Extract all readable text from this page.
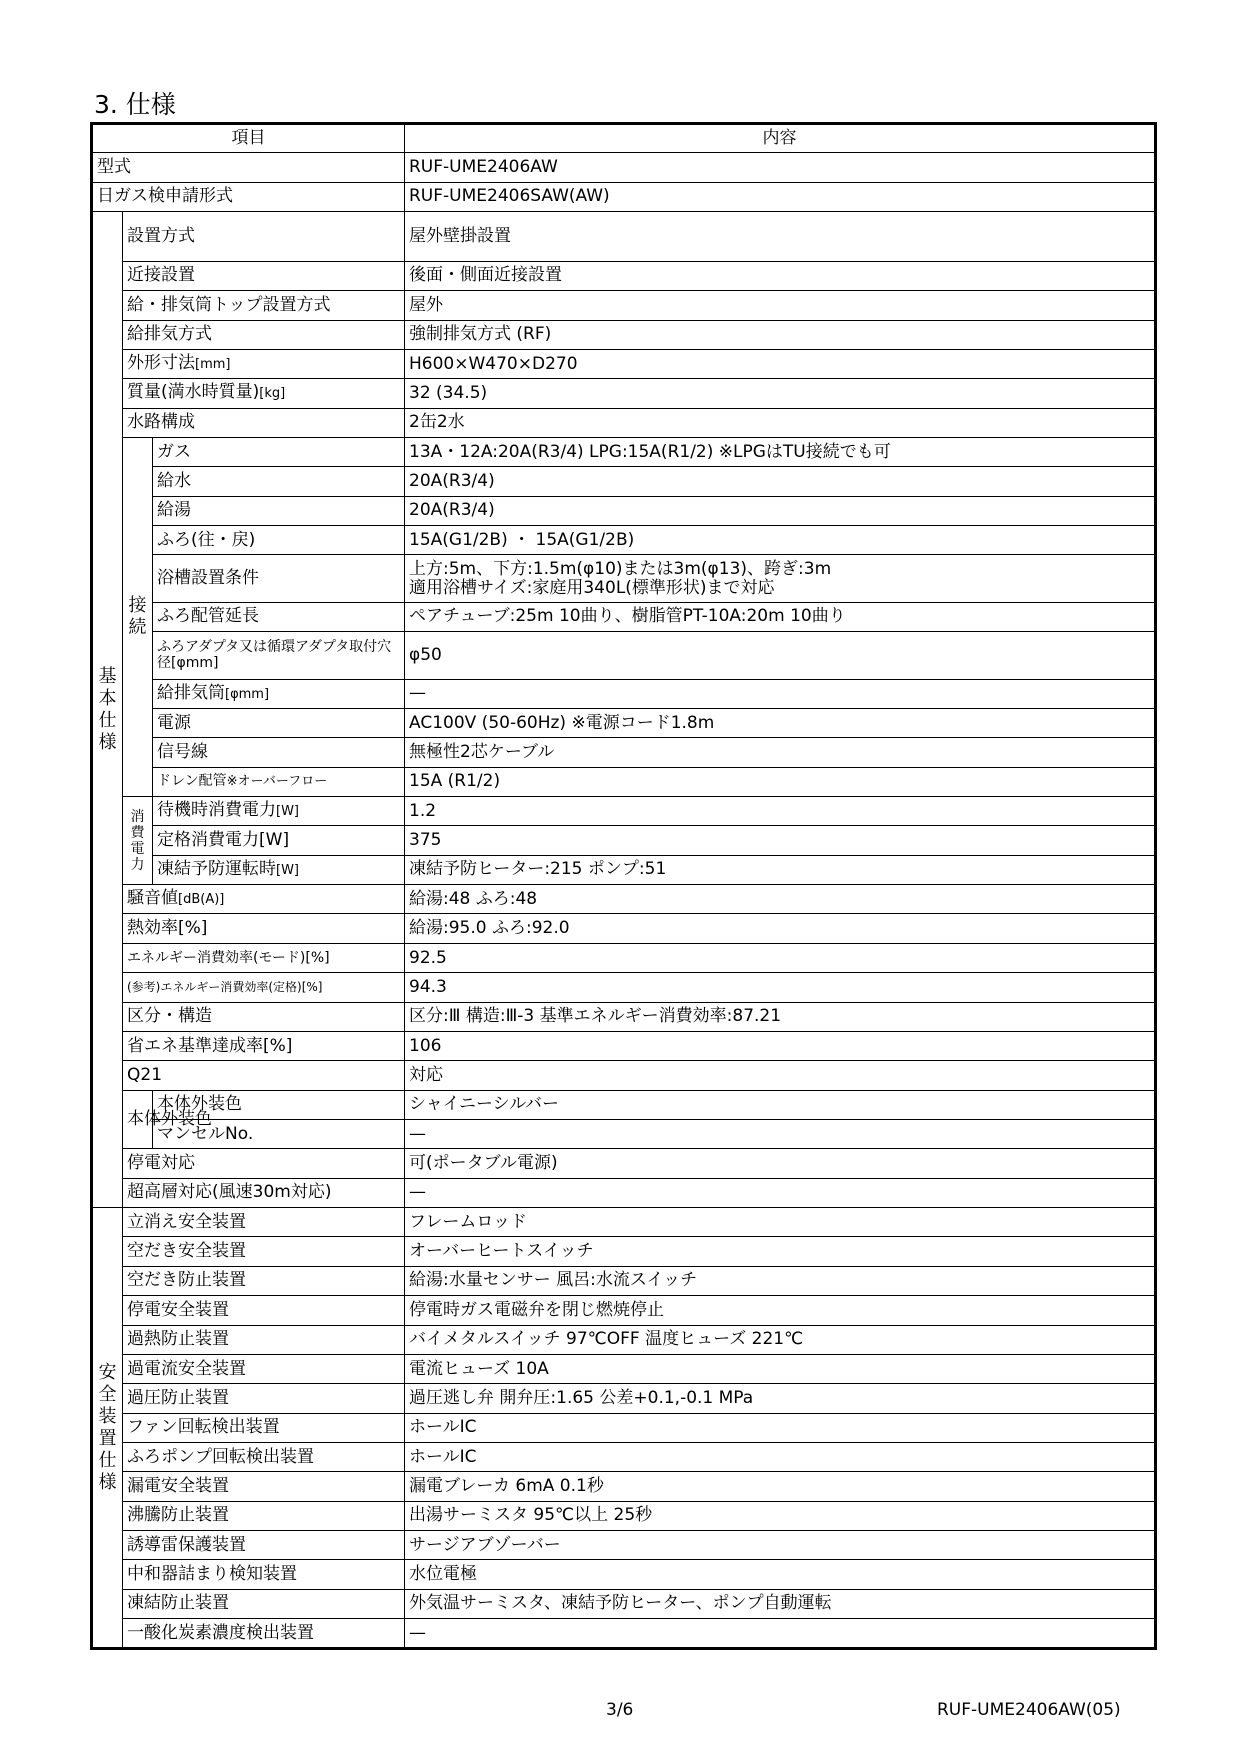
3. 仕様
項目			内容
型式			RUF-UME2406AW
日ガス検申請形式			RUF-UME2406SAW(AW)
基本仕様	設置方式		屋外壁掛設置
	近接設置		後面・側面近接設置
	給・排気筒トップ設置方式		屋外
	給排気方式		強制排気方式 (RF)
	外形寸法[mm]		H600×W470×D270
	質量(満水時質量)[kg]		32 (34.5)
	水路構成		2缶2水
	接続	ガス	13A・12A:20A(R3/4) LPG:15A(R1/2) ※LPGはTU接続でも可
		給水	20A(R3/4)
		給湯	20A(R3/4)
		ふろ(往・戻)	15A(G1/2B) ・ 15A(G1/2B)
		浴槽設置条件	上方:5m、下方:1.5m(φ10)または3m(φ13)、跨ぎ:3m
適用浴槽サイズ:家庭用340L(標準形状)まで対応
		ふろ配管延長	ペアチューブ:25m 10曲り、樹脂管PT-10A:20m 10曲り
		ふろアダプタ又は循環アダプタ取付穴径[φmm]	φ50
		給排気筒[φmm]	—
		電源	AC100V (50-60Hz) ※電源コード1.8m
		信号線	無極性2芯ケーブル
		ドレン配管※オーバーフロー	15A (R1/2)
	消費電力	待機時消費電力[W]	1.2
		定格消費電力[W]	375
		凍結予防運転時[W]	凍結予防ヒーター:215 ポンプ:51
	騒音値[dB(A)]		給湯:48 ふろ:48
	熱効率[%]		給湯:95.0 ふろ:92.0
	エネルギー消費効率(モード)[%]		92.5
	(参考)エネルギー消費効率(定格)[%]		94.3
	区分・構造		区分:Ⅲ 構造:Ⅲ-3 基準エネルギー消費効率:87.21
	省エネ基準達成率[%]		106
	Q21		対応
	本体外装色	本体外装色	シャイニーシルバー
		マンセルNo.	—
	停電対応		可(ポータブル電源)
	超高層対応(風速30m対応)		—
安全装置仕様	立消え安全装置		フレームロッド
	空だき安全装置		オーバーヒートスイッチ
	空だき防止装置		給湯:水量センサー 風呂:水流スイッチ
	停電安全装置		停電時ガス電磁弁を閉じ燃焼停止
	過熱防止装置		バイメタルスイッチ 97℃OFF 温度ヒューズ 221℃
	過電流安全装置		電流ヒューズ 10A
	過圧防止装置		過圧逃し弁 開弁圧:1.65 公差+0.1,-0.1 MPa
	ファン回転検出装置		ホールIC
	ふろポンプ回転検出装置		ホールIC
	漏電安全装置		漏電ブレーカ 6mA 0.1秒
	沸騰防止装置		出湯サーミスタ 95℃以上 25秒
	誘導雷保護装置		サージアブゾーバー
	中和器詰まり検知装置		水位電極
	凍結防止装置		外気温サーミスタ、凍結予防ヒーター、ポンプ自動運転
	一酸化炭素濃度検出装置		—
3/6	RUF-UME2406AW(05)
